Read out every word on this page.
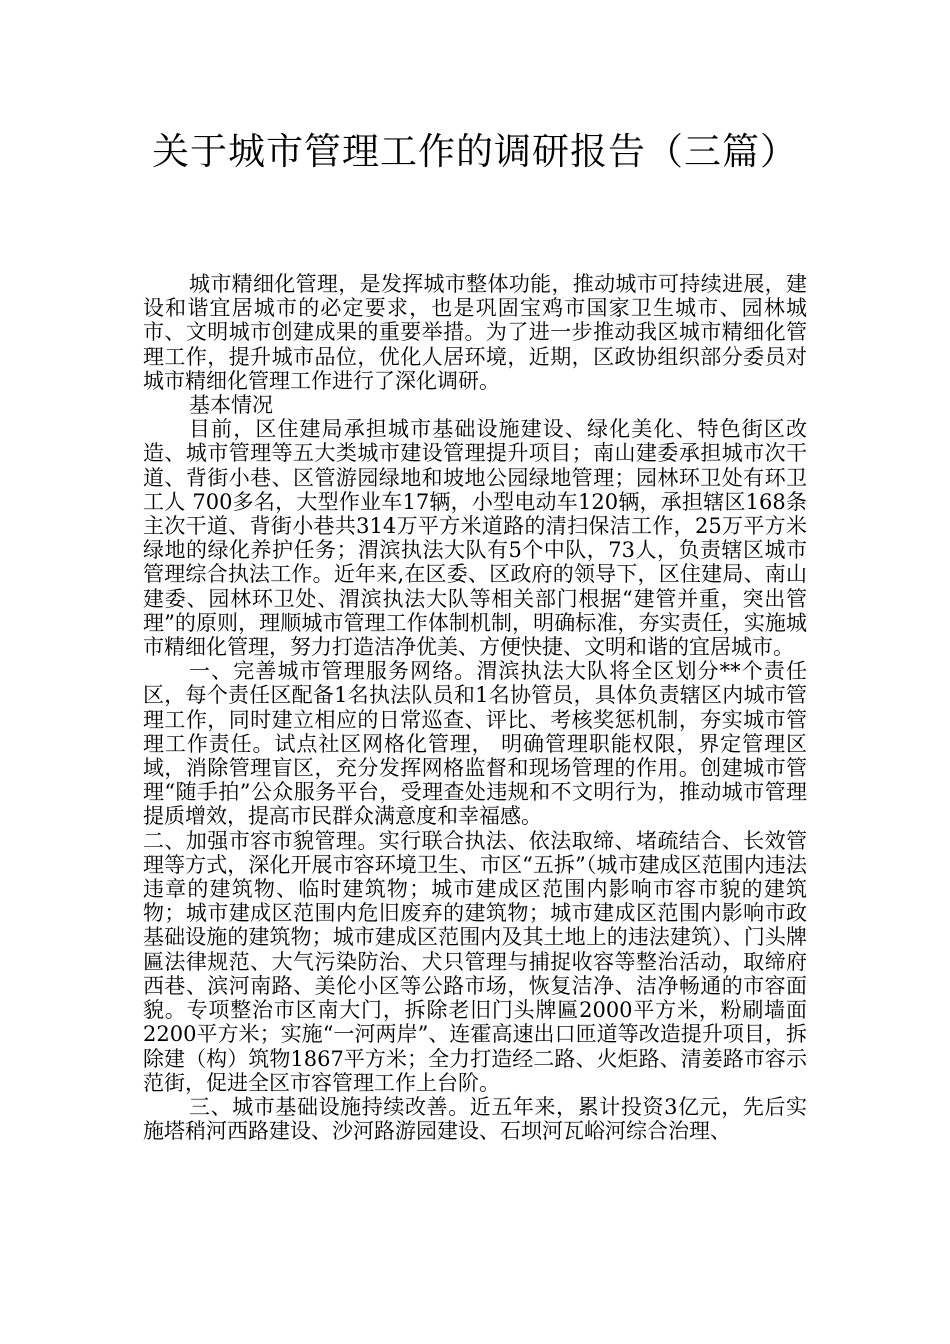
关于城市管理工作的调研报告（三篇）

城市精细化管理，是发挥城市整体功能，推动城市可持续进展，建设和谐宜居城市的必定要求，也是巩固宝鸡市国家卫生城市、园林城市、文明城市创建成果的重要举措。为了进一步推动我区城市精细化管理工作，提升城市品位，优化人居环境，近期，区政协组织部分委员对城市精细化管理工作进行了深化调研。

基本情况

目前，区住建局承担城市基础设施建设、绿化美化、特色街区改造、城市管理等五大类城市建设管理提升项目；南山建委承担城市次干道、背街小巷、区管游园绿地和坡地公园绿地管理；园林环卫处有环卫工人 700多名，大型作业车17辆，小型电动车120辆，承担辖区168条主次干道、背街小巷共314万平方米道路的清扫保洁工作，25万平方米绿地的绿化养护任务；渭滨执法大队有5个中队，73人，负责辖区城市管理综合执法工作。近年来,在区委、区政府的领导下，区住建局、南山建委、园林环卫处、渭滨执法大队等相关部门根据“建管并重，突出管理”的原则，理顺城市管理工作体制机制，明确标准，夯实责任，实施城市精细化管理，努力打造洁净优美、方便快捷、文明和谐的宜居城市。

一、完善城市管理服务网络。渭滨执法大队将全区划分**个责任区，每个责任区配备1名执法队员和1名协管员，具体负责辖区内城市管理工作，同时建立相应的日常巡查、评比、考核奖惩机制，夯实城市管理工作责任。试点社区网格化管理， 明确管理职能权限，界定管理区域，消除管理盲区，充分发挥网格监督和现场管理的作用。创建城市管理“随手拍”公众服务平台，受理查处违规和不文明行为，推动城市管理提质增效，提高市民群众满意度和幸福感。

二、加强市容市貌管理。实行联合执法、依法取缔、堵疏结合、长效管理等方式，深化开展市容环境卫生、市区“五拆”（城市建成区范围内违法违章的建筑物、临时建筑物；城市建成区范围内影响市容市貌的建筑物；城市建成区范围内危旧废弃的建筑物；城市建成区范围内影响市政基础设施的建筑物；城市建成区范围内及其土地上的违法建筑）、门头牌匾法律规范、大气污染防治、犬只管理与捕捉收容等整治活动，取缔府西巷、滨河南路、美伦小区等公路市场，恢复洁净、洁净畅通的市容面貌。专项整治市区南大门，拆除老旧门头牌匾2000平方米，粉刷墙面2200平方米；实施“一河两岸”、连霍高速出口匝道等改造提升项目，拆除建（构）筑物1867平方米；全力打造经二路、火炬路、清姜路市容示范街，促进全区市容管理工作上台阶。

三、城市基础设施持续改善。近五年来，累计投资3亿元，先后实施塔稍河西路建设、沙河路游园建设、石坝河瓦峪河综合治理、
